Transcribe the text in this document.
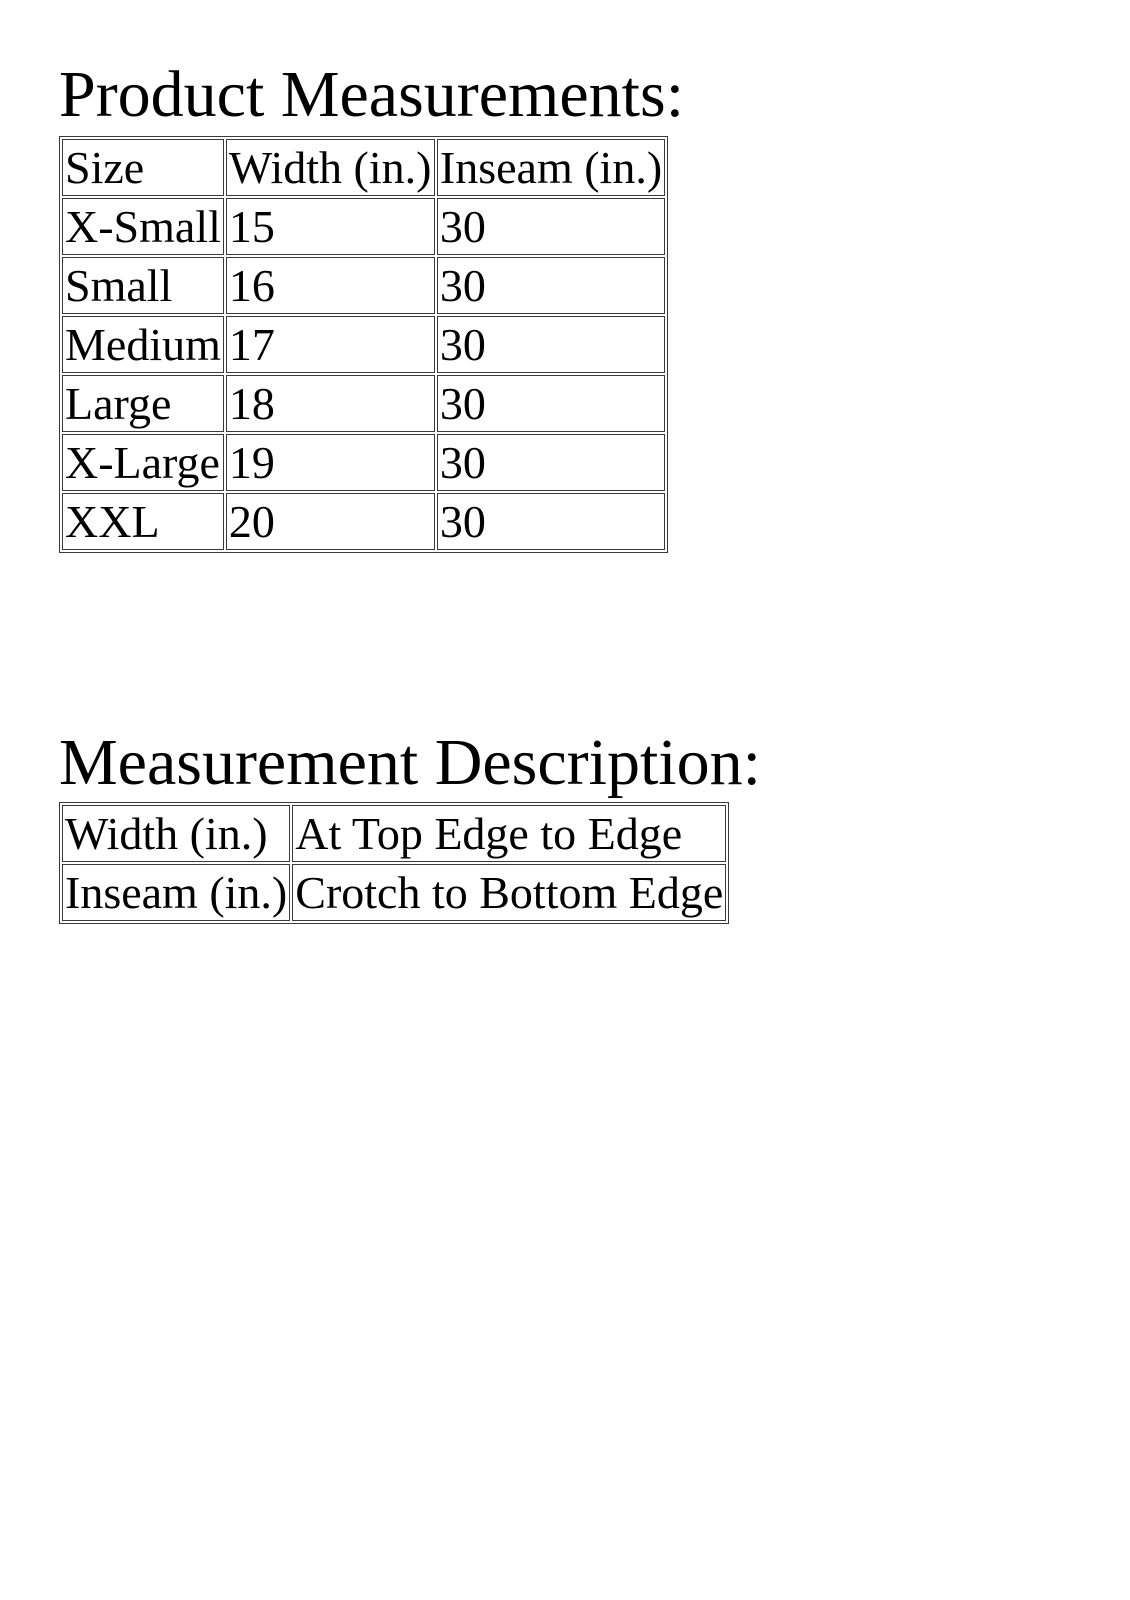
Product Measurements:
Size	Width (in.)	Inseam (in.)
X-Small	15	30
Small	16	30
Medium	17	30
Large	18	30
X-Large	19	30
XXL	20	30
Measurement Description:
Width (in.)	At Top Edge to Edge
Inseam (in.)	Crotch to Bottom Edge
